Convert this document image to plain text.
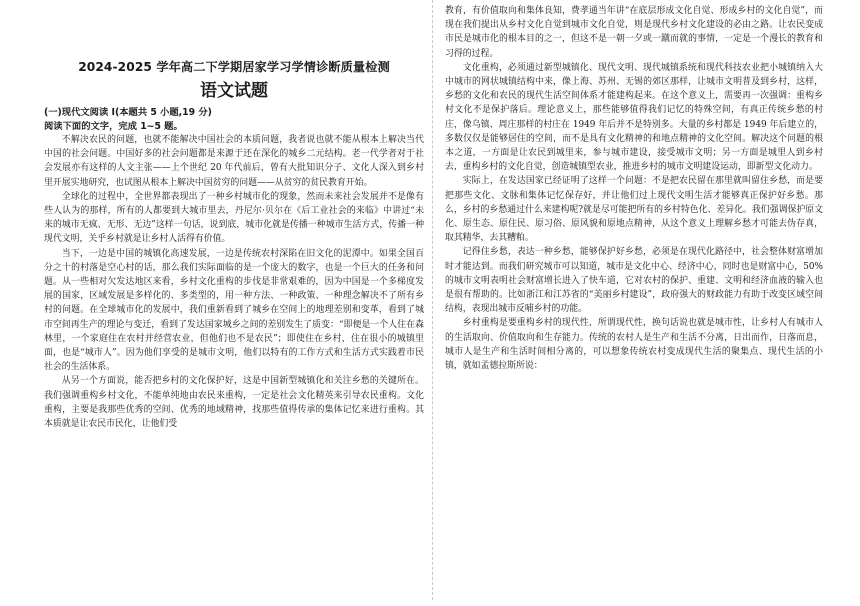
2024-2025 学年高二下学期居家学习学情诊断质量检测
语文试题
(一)现代文阅读 I(本题共 5 小题,19 分)
阅读下面的文字，完成 1~5 题。

不解决农民的问题，也就不能解决中国社会的本质问题，我者说也就不能从根本上解决当代中国的社会问题。中国好多的社会问题都是来源于还在深化的城乡二元结构。老一代学者对于社会发展亦有这样的人文主张——上个世纪 20 年代前后，曾有大批知识分子、文化人深入到乡村里开展实地研究，也试图从根本上解决中国贫穷的问题——从贫穷的贫民教育开始。

全球化的过程中，全世界都表现出了一种乡村城市化的现象，然而未来社会发展并不是像有些人认为的那样，所有的人都要到大城市里去，丹尼尔·贝尔在《后工业社会的来临》中讲过“未来的城市无疯、无形、无边”这样一句话，说到底，城市化就是传播一种城市生活方式，传播一种现代文明，关乎乡村就是让乡村人活得有价值。

当下，一边是中国的城镇化高速发展，一边是传统农村深陷在旧文化的泥潭中。如果全国百分之十的村落是空心村的话，那么我们实际面临的是一个庞大的数字，也是一个巨大的任务和问题。从一些相对欠发达地区来看，乡村文化重构的步伐是非常艰难的，因为中国是一个多梯度发展的国家，区域发展是多样化的、多类型的，用一种方法、一种政策、一种理念解决不了所有乡村的问题。在全球城市化的发展中，我们重新看到了城乡在空间上的地理差别和变革，看到了城市空间再生产的理论与变迁，看到了发达国家城乡之间的差别发生了质变：“即便是一个人住在森林里，一个家庭住在农村并经营农业，但他们也不是农民”；即使住在乡村，住在很小的城镇里面，也是“城市人”。因为他们享受的是城市文明，他们以特有的工作方式和生活方式实践着市民社会的生活体系。

从另一个方面说，能否把乡村的文化保护好，这是中国新型城镇化和关注乡愁的关键所在。我们强调重构乡村文化，不能单纯地由农民来重构，一定是社会文化精英来引导农民重构。文化重构，主要是我那些优秀的空间、优秀的地域精神，找那些值得传承的集体记忆来进行重构。其本质就是让农民市民化，让他们受

教育，有价值取向和集体良知，费孝通当年讲“在底层形成文化自觉、形成乡村的文化自觉”，而现在我们提出从乡村文化自觉到城市文化自觉，则是现代乡村文化建设的必由之路。让农民变成市民是城市化的根本目的之一，但这不是一朝一夕或一蹴而就的事情，一定是一个漫长的教育和习得的过程。

文化重构，必须通过新型城镇化、现代文明、现代城镇系统和现代科技农业把小城镇纳入大中城市的网状城镇结构中来，像上海、苏州、无锡的郊区那样，让城市文明普及到乡村，这样，乡愁的文化和农民的现代生活空间体系才能建构起来。在这个意义上，需要再一次强调：重构乡村文化不是保护落后。理论意义上，那些能够值得我们记忆的特殊空间，有真正传统乡愁的村庄，像乌镇、周庄那样的村庄在 1949 年后并不是特别多。大量的乡村都是 1949 年后建立的，多数仅仅是能够居住的空间，而不是具有文化精神的和地点精神的文化空间。解决这个问题的根本之道，一方面是让农民到城里来，参与城市建设，接受城市文明；另一方面是城里人到乡村去，重构乡村的文化自觉，创造城镇型农业，推进乡村的城市文明建设运动，即新型文化动力。

实际上，在发达国家已经证明了这样一个问题：不是把农民留在那里就叫留住乡愁，而是要把那些文化、文脉和集体记忆保存好，并让他们过上现代文明生活才能够真正保护好乡愁。那么，乡村的乡愁通过什么来建构呢?就是尽可能把所有的乡村特色化、差异化。我们强调保护原文化、原生态、原住民、原习俗、原风貌和原地点精神，从这个意义上理解乡愁才可能去伪存真，取其精华，去其糟粕。

记得住乡愁，表达一种乡愁，能够保护好乡愁，必须是在现代化路径中，社会整体财富增加时才能达到。而我们研究城市可以知道，城市是文化中心、经济中心，同时也是财富中心，50% 的城市文明表明社会财富增长进入了快车道，它对农村的保护、重建、文明和经济血液的输入也是很有帮助的。比如浙江和江苏省的“美丽乡村建设”，政府强大的财政能力有助于改变区域空间结构，表现出城市反哺乡村的功能。

乡村重构是要重构乡村的现代性，所谓现代性，换句话说也就是城市性，让乡村人有城市人的生活取向、价值取向和生存能力。传统的农村人是生产和生活不分离，日出而作，日落而息，城市人是生产和生活时间相分离的，可以想象传统农村变成现代生活的聚集点、现代生活的小镇，就如孟德拉斯所说：
